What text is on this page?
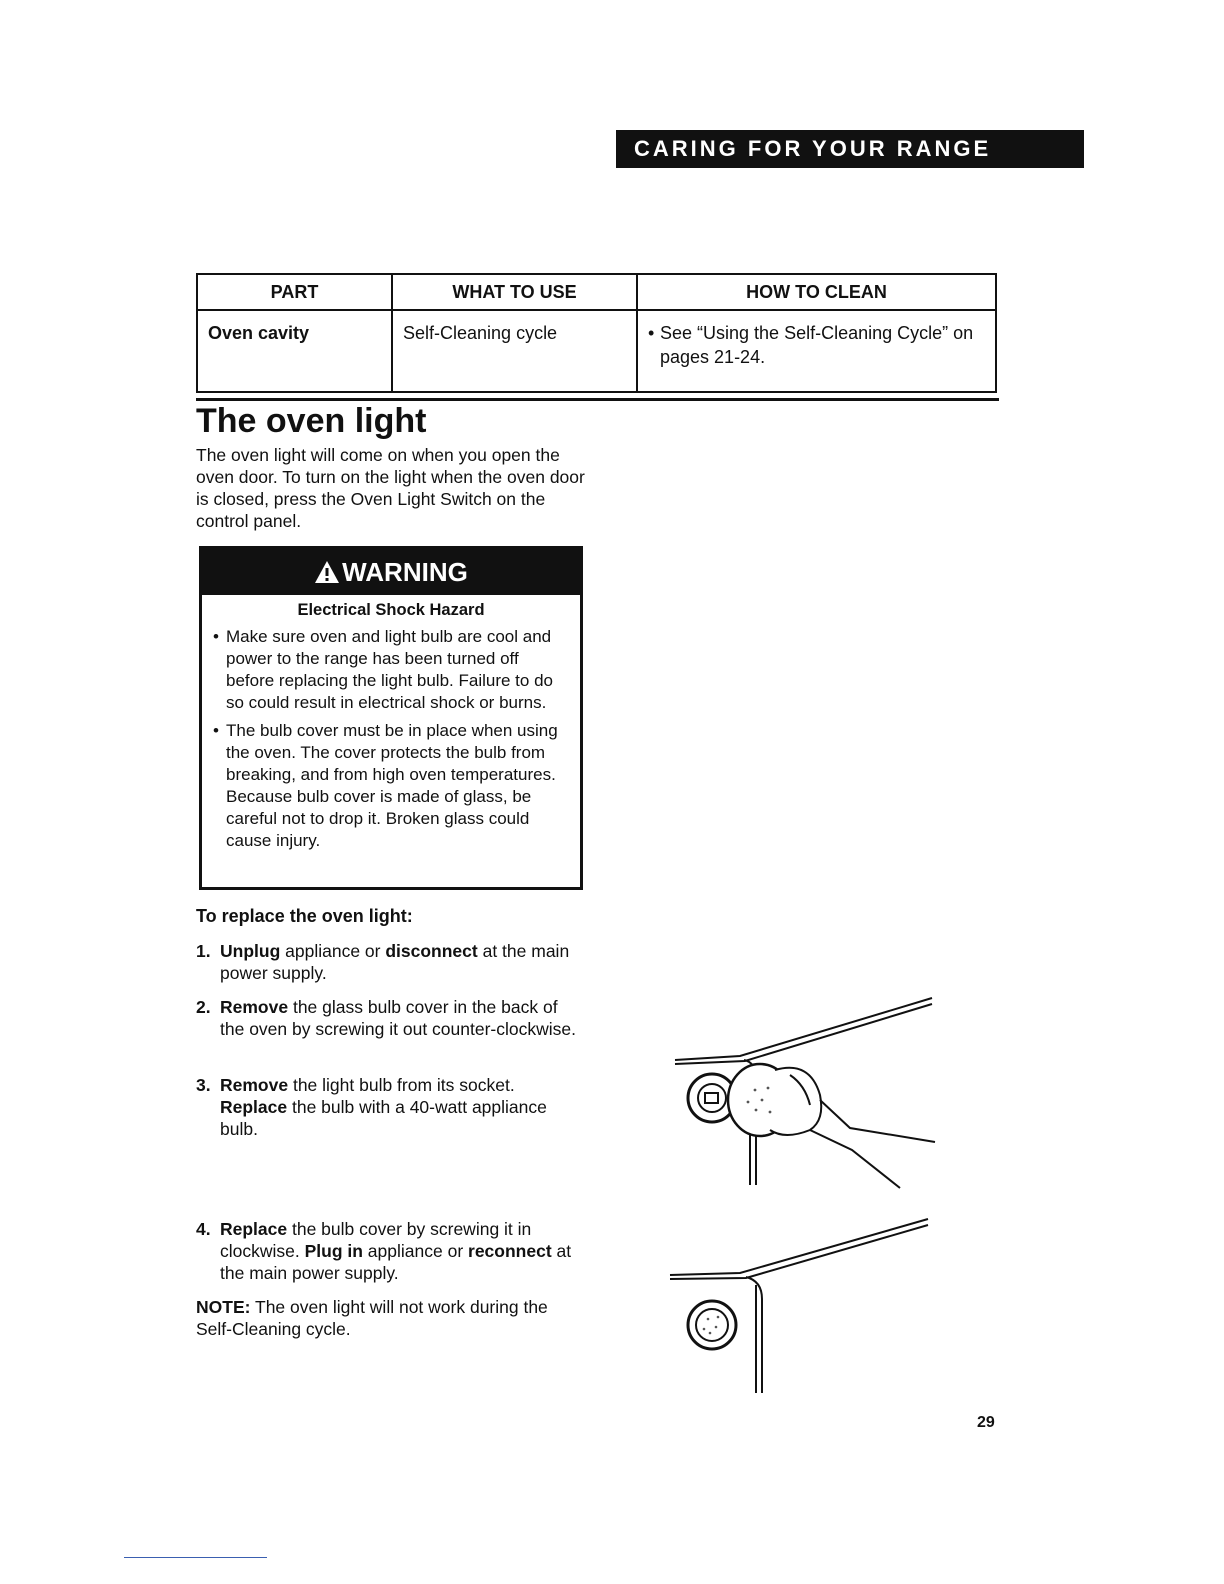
CARING FOR YOUR RANGE
PART	WHAT TO USE	HOW TO CLEAN
Oven cavity	Self-Cleaning cycle	• See “Using the Self-Cleaning Cycle” on pages 21-24.
The oven light

The oven light will come on when you open the oven door. To turn on the light when the oven door is closed, press the Oven Light Switch on the control panel.

WARNING
Electrical Shock Hazard
• Make sure oven and light bulb are cool and power to the range has been turned off before replacing the light bulb. Failure to do so could result in electrical shock or burns.
• The bulb cover must be in place when using the oven. The cover protects the bulb from breaking, and from high oven temperatures. Because bulb cover is made of glass, be careful not to drop it. Broken glass could cause injury.
To replace the oven light:
1. Unplug appliance or disconnect at the main power supply.
2. Remove the glass bulb cover in the back of the oven by screwing it out counter-clockwise.
3. Remove the light bulb from its socket. Replace the bulb with a 40-watt appliance bulb.
4. Replace the bulb cover by screwing it in clockwise. Plug in appliance or reconnect at the main power supply.
NOTE: The oven light will not work during the Self-Cleaning cycle.
29
